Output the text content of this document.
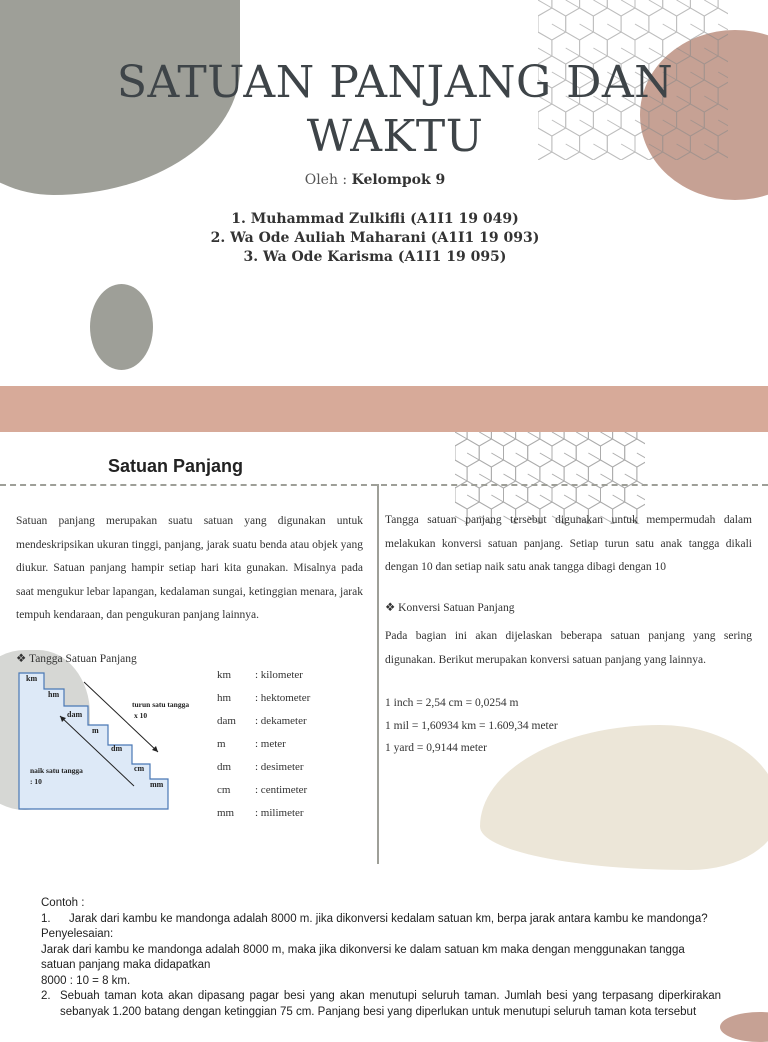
SATUAN PANJANG DAN
WAKTU
Oleh : Kelompok 9
1. Muhammad Zulkifli (A1I1 19 049)
2. Wa Ode Auliah Maharani (A1I1 19 093)
3. Wa Ode Karisma (A1I1 19 095)
Satuan Panjang
Satuan panjang merupakan suatu satuan yang digunakan untuk mendeskripsikan ukuran tinggi, panjang, jarak suatu benda atau objek yang diukur. Satuan panjang hampir setiap hari kita gunakan. Misalnya pada saat mengukur lebar lapangan, kedalaman sungai, ketinggian menara, jarak tempuh kendaraan, dan pengukuran panjang lainnya.
❖ Tangga Satuan Panjang
km
hm
dam
m
dm
cm
mm
turun satu tangga x 10
naik satu tangga : 10
km	: kilometer
hm	: hektometer
dam	: dekameter
m	: meter
dm	: desimeter
cm	: centimeter
mm	: milimeter
Tangga satuan panjang tersebut digunakan untuk mempermudah dalam melakukan konversi satuan panjang. Setiap turun satu anak tangga dikali dengan 10 dan setiap naik satu anak tangga dibagi dengan 10
❖ Konversi Satuan Panjang
Pada bagian ini akan dijelaskan beberapa satuan panjang yang sering digunakan. Berikut merupakan konversi satuan panjang yang lainnya.
1 inch = 2,54 cm = 0,0254 m
1 mil = 1,60934 km = 1.609,34 meter
1 yard = 0,9144 meter
Contoh :
1.	Jarak dari kambu ke mandonga adalah 8000 m. jika dikonversi kedalam satuan km, berpa jarak antara kambu ke mandonga?
Penyelesaian:
Jarak dari kambu ke mandonga adalah 8000 m, maka jika dikonversi ke dalam satuan km maka dengan menggunakan tangga satuan panjang maka didapatkan
8000 : 10 = 8 km.
2. Sebuah taman kota akan dipasang pagar besi yang akan menutupi seluruh taman. Jumlah besi yang terpasang diperkirakan sebanyak 1.200 batang dengan ketinggian 75 cm. Panjang besi yang diperlukan untuk menutupi seluruh taman kota tersebut
